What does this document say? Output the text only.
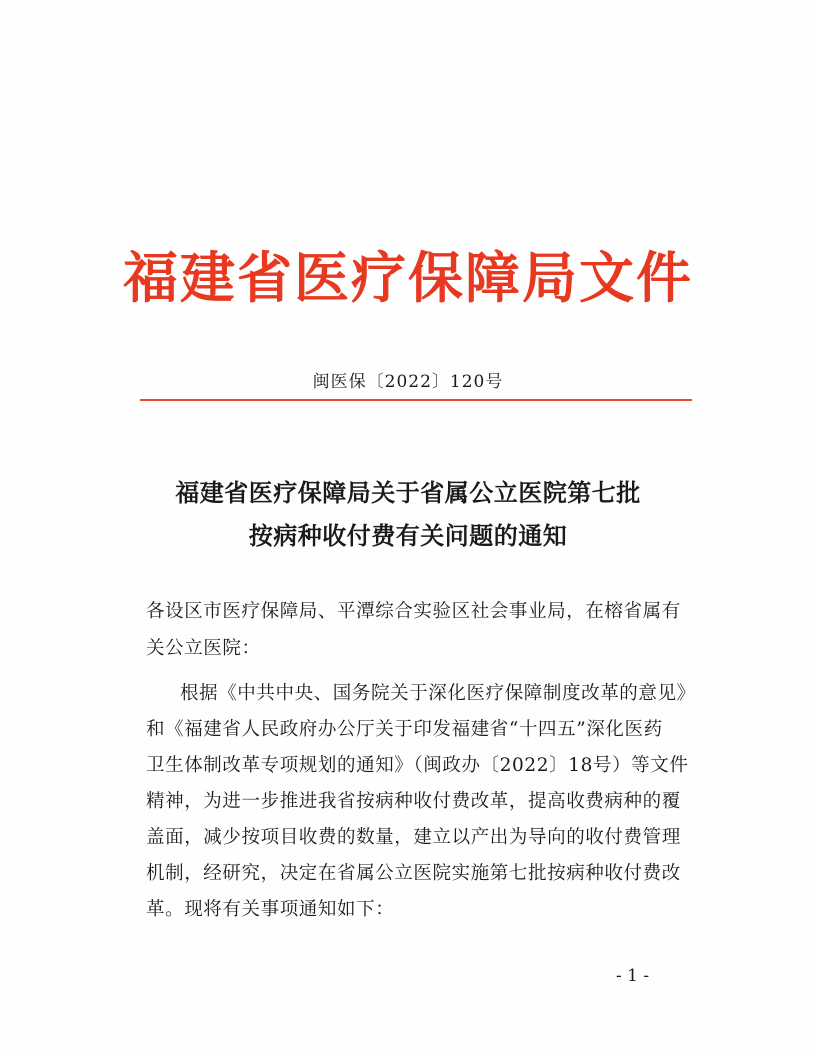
福建省医疗保障局文件
闽医保〔2022〕120号
福建省医疗保障局关于省属公立医院第七批
按病种收付费有关问题的通知
各设区市医疗保障局、平潭综合实验区社会事业局，在榕省属有
关公立医院：
根据《中共中央、国务院关于深化医疗保障制度改革的意见》
和《福建省人民政府办公厅关于印发福建省“十四五”深化医药
卫生体制改革专项规划的通知》（闽政办〔2022〕18号）等文件
精神，为进一步推进我省按病种收付费改革，提高收费病种的覆
盖面，减少按项目收费的数量，建立以产出为导向的收付费管理
机制，经研究，决定在省属公立医院实施第七批按病种收付费改
革。现将有关事项通知如下：
- 1 -
